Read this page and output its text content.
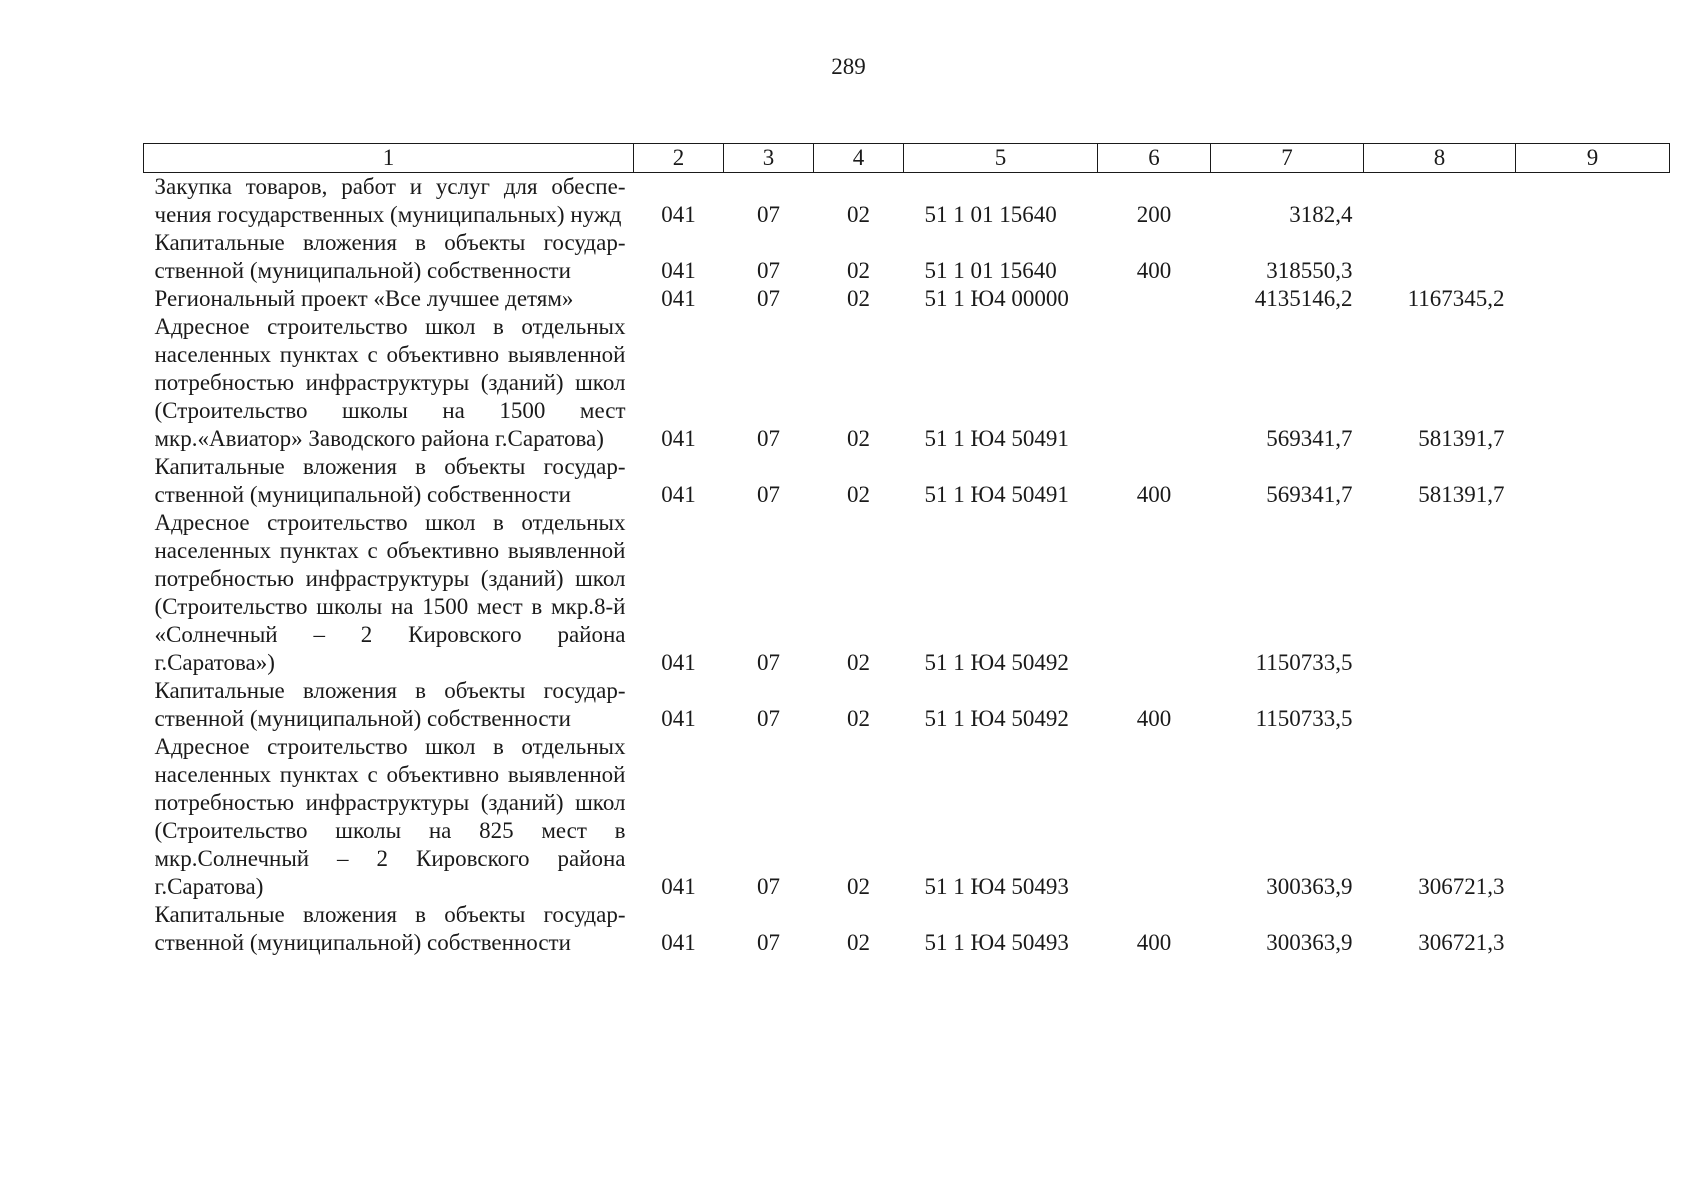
289
1	2	3	4	5	6	7	8	9
Закупка товаров, работ и услуг для обеспечения государственных (муниципальных) нужд	041	07	02	51 1 01 15640	200	3182,4		
Капитальные вложения в объекты государственной (муниципальной) собственности	041	07	02	51 1 01 15640	400	318550,3		
Региональный проект «Все лучшее детям»	041	07	02	51 1 Ю4 00000		4135146,2	1167345,2	
Адресное строительство школ в отдельных населенных пунктах с объективно выявленной потребностью инфраструктуры (зданий) школ (Строительство школы на 1500 мест мкр.«Авиатор» Заводского района г.Саратова)	041	07	02	51 1 Ю4 50491		569341,7	581391,7	
Капитальные вложения в объекты государственной (муниципальной) собственности	041	07	02	51 1 Ю4 50491	400	569341,7	581391,7	
Адресное строительство школ в отдельных населенных пунктах с объективно выявленной потребностью инфраструктуры (зданий) школ (Строительство школы на 1500 мест в мкр.8-й «Солнечный – 2 Кировского района г.Саратова»)	041	07	02	51 1 Ю4 50492		1150733,5		
Капитальные вложения в объекты государственной (муниципальной) собственности	041	07	02	51 1 Ю4 50492	400	1150733,5		
Адресное строительство школ в отдельных населенных пунктах с объективно выявленной потребностью инфраструктуры (зданий) школ (Строительство школы на 825 мест в мкр.Солнечный – 2 Кировского района г.Саратова)	041	07	02	51 1 Ю4 50493		300363,9	306721,3	
Капитальные вложения в объекты государственной (муниципальной) собственности	041	07	02	51 1 Ю4 50493	400	300363,9	306721,3	
